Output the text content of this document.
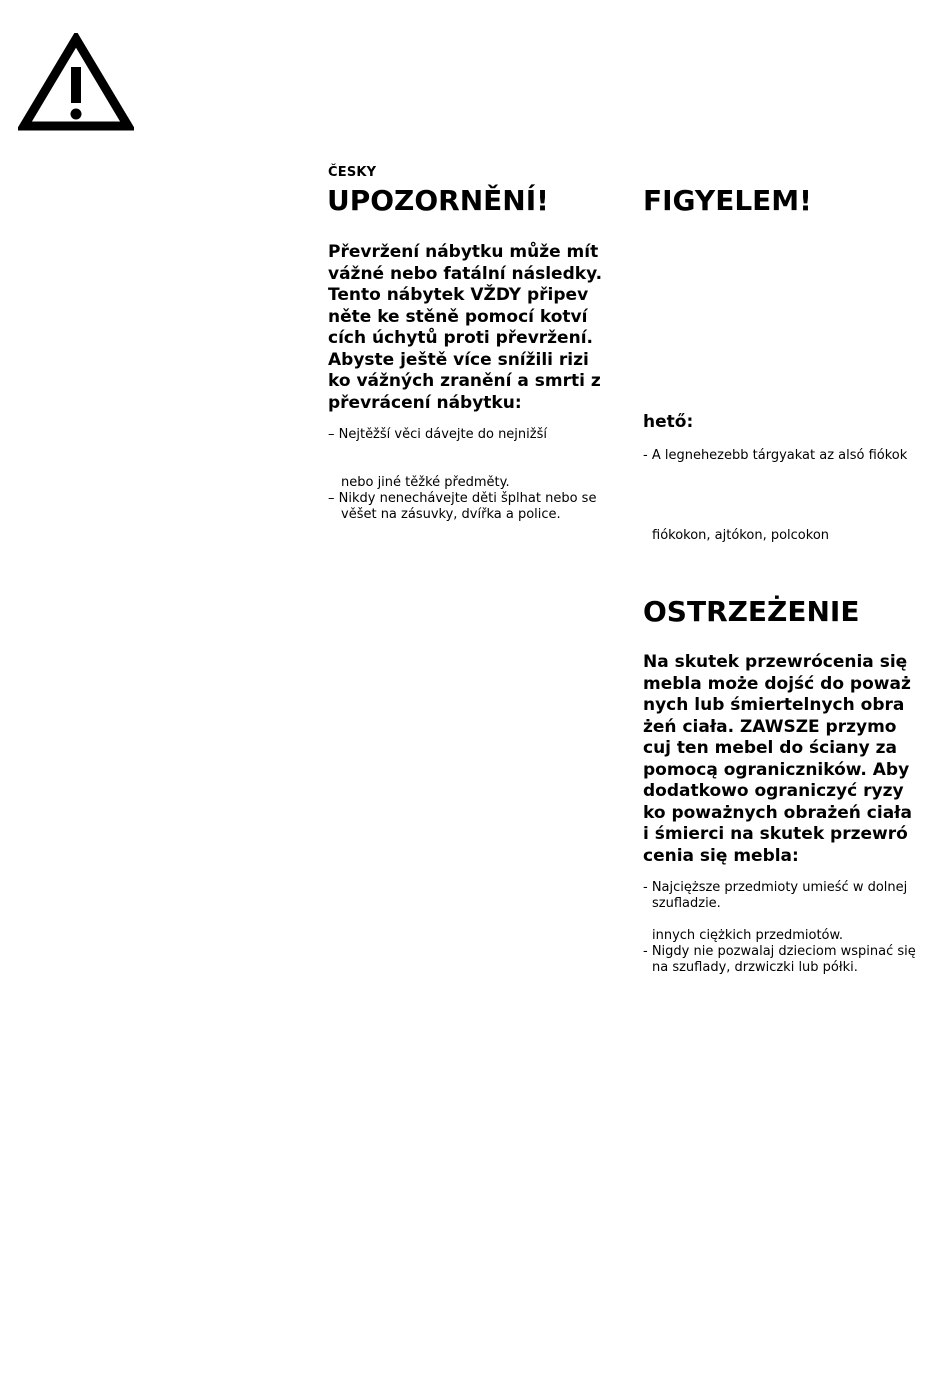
ČESKY
UPOZORNĚNÍ!
Převržení nábytku může mít
vážné nebo fatální následky.
Tento nábytek VŽDY připev
něte ke stěně pomocí kotví
cích úchytů proti převržení.
Abyste ještě více snížili rizi
ko vážných zranění a smrti z
převrácení nábytku:
– Nejtěžší věci dávejte do nejnižší
nebo jiné těžké předměty.
– Nikdy nenechávejte děti šplhat nebo se
věšet na zásuvky, dvířka a police.
FIGYELEM!
hető:
- A legnehezebb tárgyakat az alsó fiókok
fiókokon, ajtókon, polcokon
OSTRZEŻENIE
Na skutek przewrócenia się
mebla może dojść do poważ
nych lub śmiertelnych obra
żeń ciała. ZAWSZE przymo
cuj ten mebel do ściany za
pomocą ograniczników. Aby
dodatkowo ograniczyć ryzy
ko poważnych obrażeń ciała
i śmierci na skutek przewró
cenia się mebla:
- Najcięższe przedmioty umieść w dolnej
szufladzie.
innych ciężkich przedmiotów.
- Nigdy nie pozwalaj dzieciom wspinać się
na szuflady, drzwiczki lub półki.
